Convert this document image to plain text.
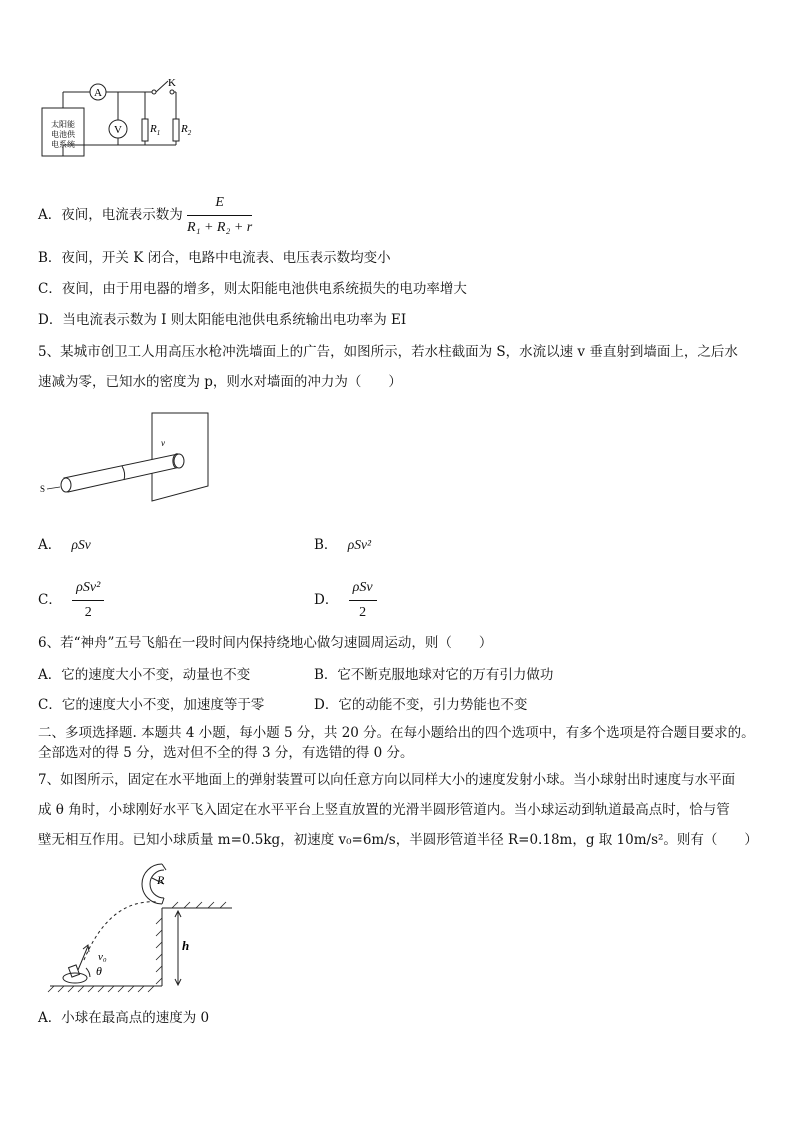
A
V
K
$R_1$ $R_2$
太阳能
电池供
电系统
A．夜间，电流表示数为 $\frac{E}{\text{R₁ + R₂ + r}}$
B．夜间，开关 K 闭合，电路中电流表、电压表示数均变小
C．夜间，由于用电器的增多，则太阳能电池供电系统损失的电功率增大
D．当电流表示数为 I 则太阳能电池供电系统输出电功率为 EI
5、某城市创卫工人用高压水枪冲洗墙面上的广告，如图所示，若水柱截面为 S，水流以速 v 垂直射到墙面上，之后水
速减为零，已知水的密度为 p，则水对墙面的冲力为（　　）
S
v
A． ρSv	B． ρSv²
C． $\frac{\text{ρSv²}}{2}$	D． $\frac{\text{ρSv}}{2}$
6、若“神舟”五号飞船在一段时间内保持绕地心做匀速圆周运动，则（　　）
A．它的速度大小不变，动量也不变	B．它不断克服地球对它的万有引力做功
C．它的速度大小不变，加速度等于零	D．它的动能不变，引力势能也不变
二、多项选择题. 本题共 4 小题，每小题 5 分，共 20 分。在每小题给出的四个选项中，有多个选项是符合题目要求的。
全部选对的得 5 分，选对但不全的得 3 分，有选错的得 0 分。
7、如图所示，固定在水平地面上的弹射装置可以向任意方向以同样大小的速度发射小球。当小球射出时速度与水平面
成 θ 角时，小球刚好水平飞入固定在水平平台上竖直放置的光滑半圆形管道内。当小球运动到轨道最高点时，恰与管
壁无相互作用。已知小球质量 m=0.5kg，初速度 v₀=6m/s，半圆形管道半径 R=0.18m，g 取 10m/s²。则有（　　）
R
h
v₀
θ
A．小球在最高点的速度为 0
